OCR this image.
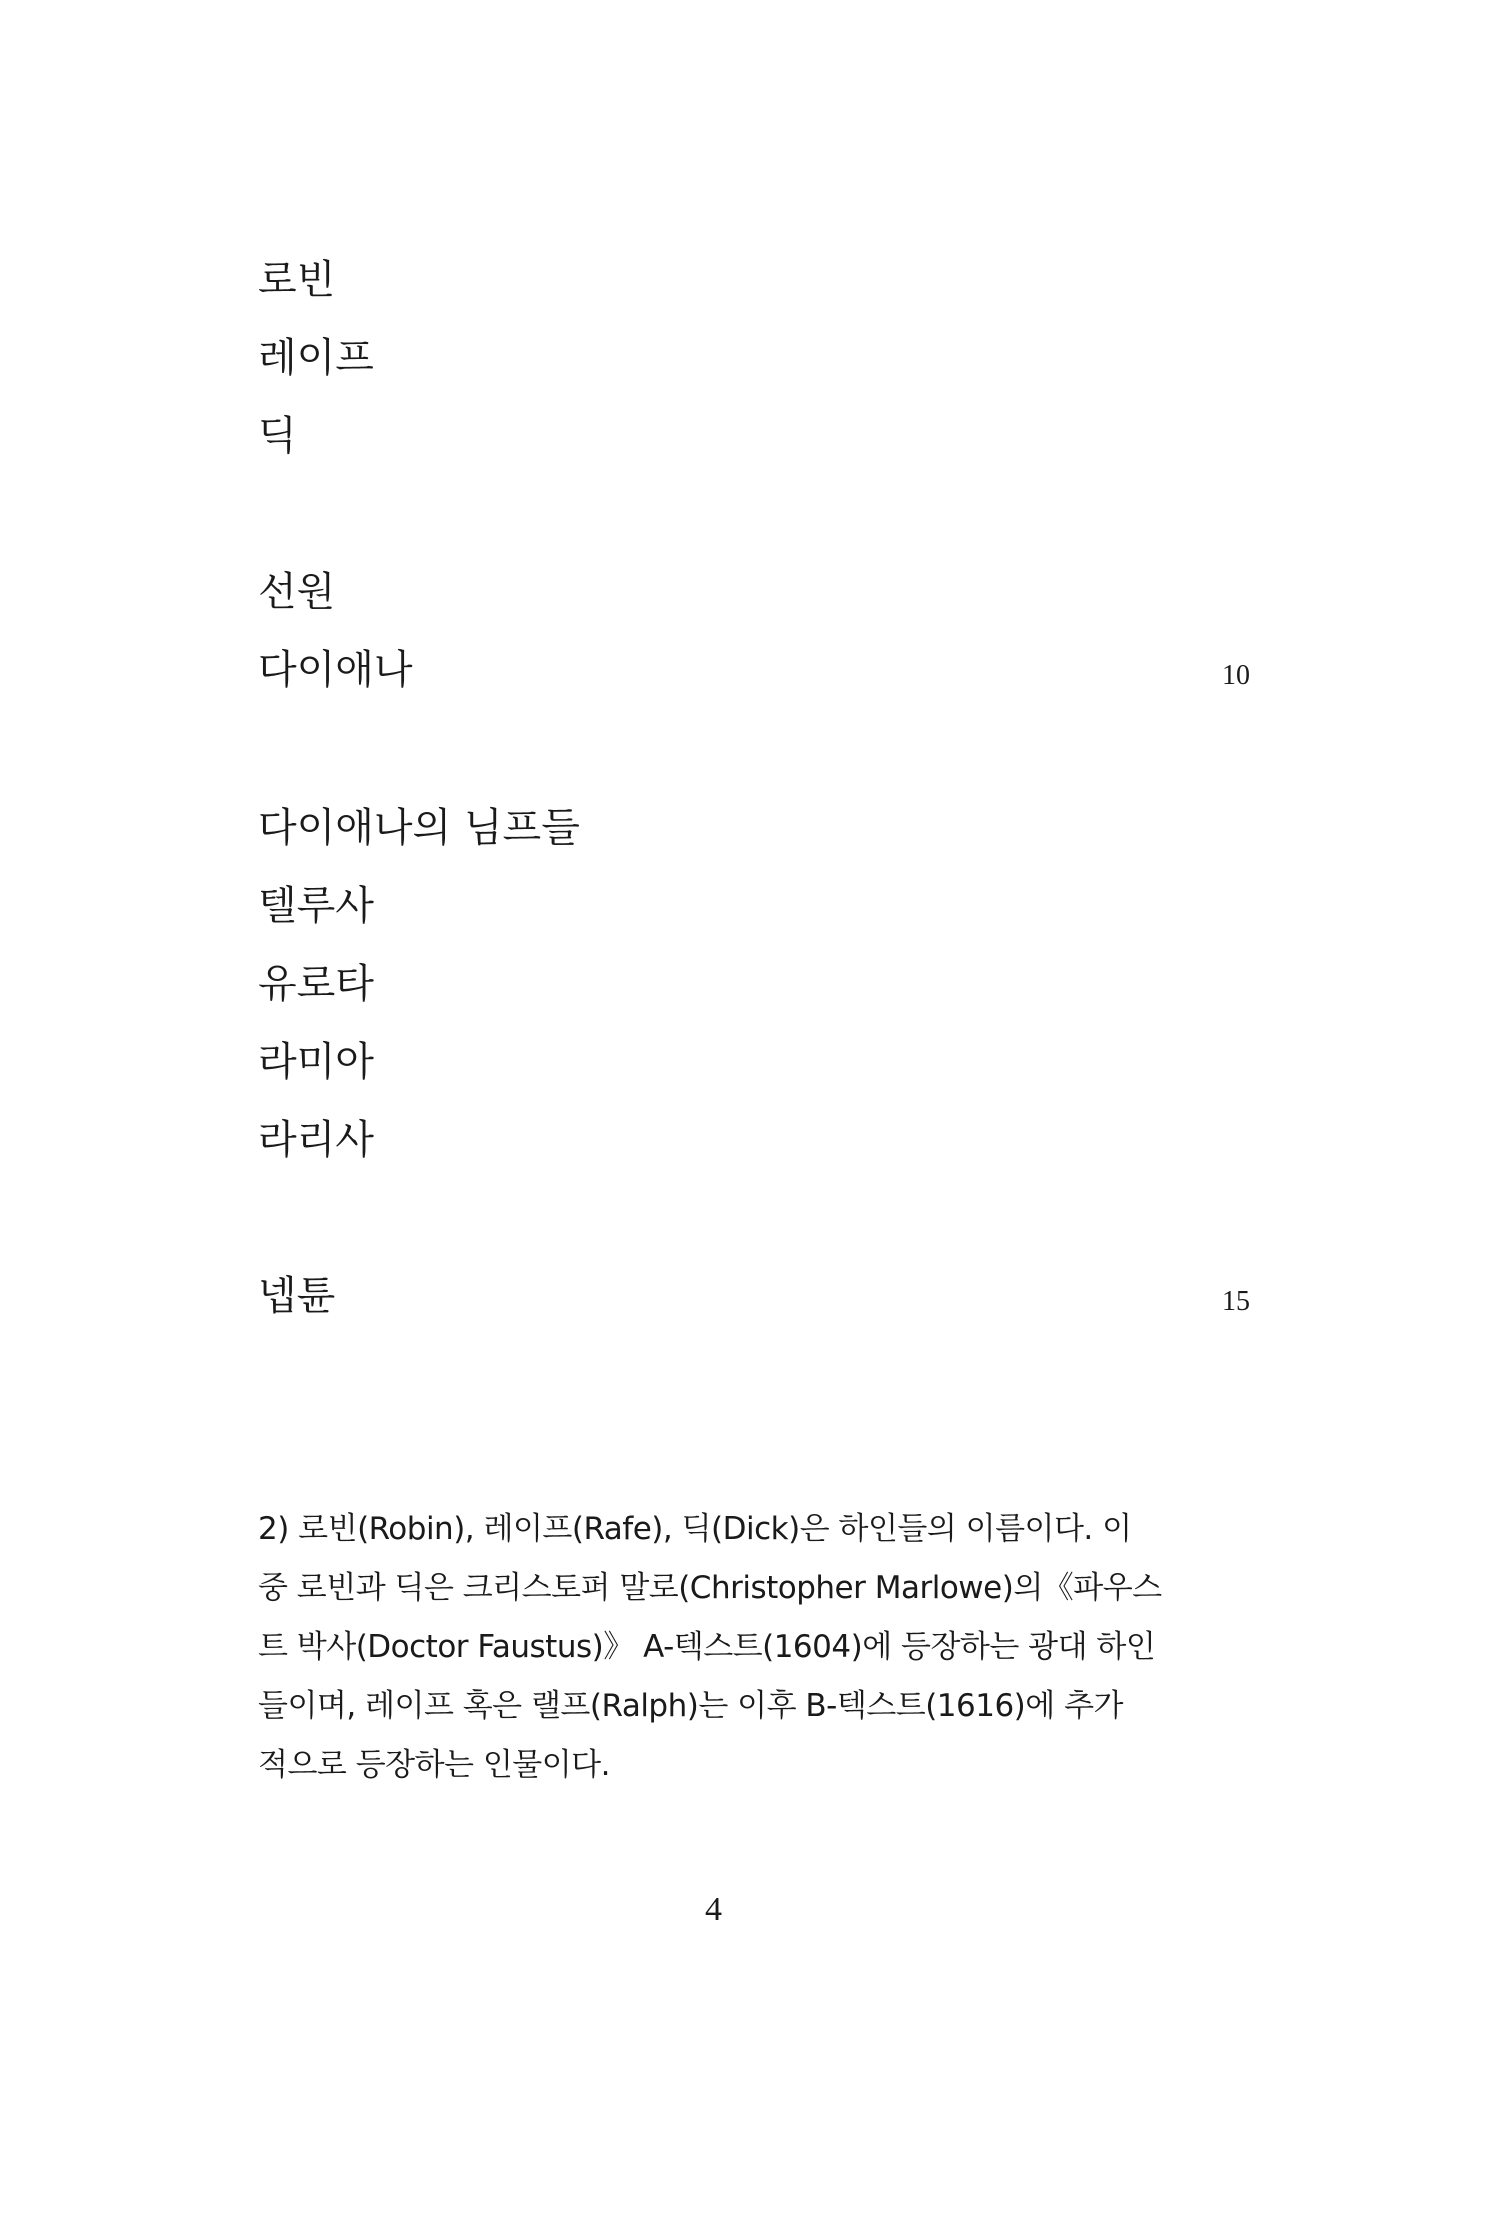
로빈
레이프
딕
선원
다이애나	10
다이애나의 님프들
텔루사
유로타
라미아
라리사
넵튠	15
2) 로빈(Robin), 레이프(Rafe), 딕(Dick)은 하인들의 이름이다. 이
중 로빈과 딕은 크리스토퍼 말로(Christopher Marlowe)의《파우스
트 박사(Doctor Faustus)》 A-텍스트(1604)에 등장하는 광대 하인
들이며, 레이프 혹은 랠프(Ralph)는 이후 B-텍스트(1616)에 추가
적으로 등장하는 인물이다.
4
